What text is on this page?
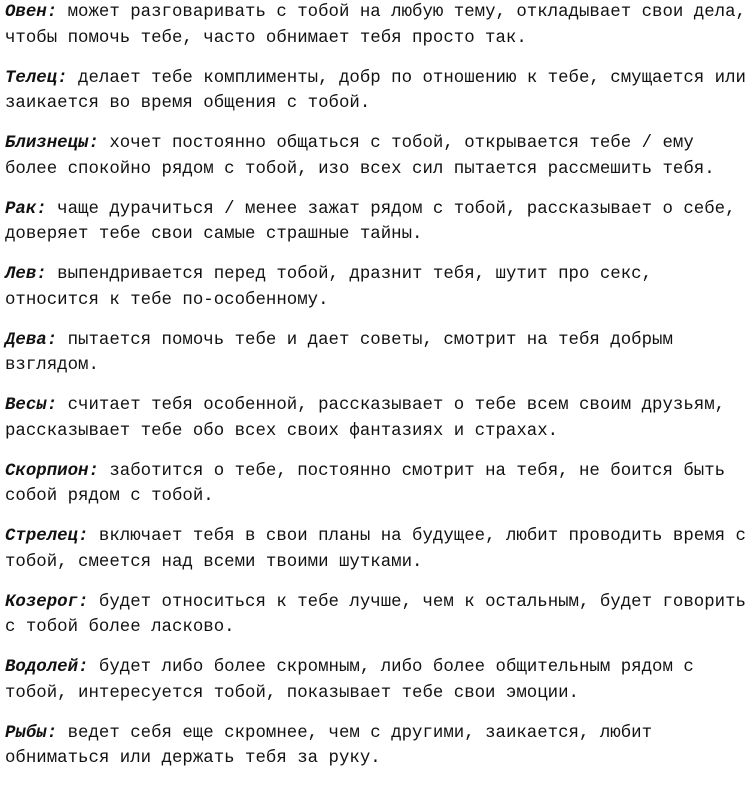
Овен: может разговаривать с тобой на любую тему, откладывает свои дела, чтобы помочь тебе, часто обнимает тебя просто так.

Телец: делает тебе комплименты, добр по отношению к тебе, смущается или заикается во время общения с тобой.

Близнецы: хочет постоянно общаться с тобой, открывается тебе / ему более спокойно рядом с тобой, изо всех сил пытается рассмешить тебя.

Рак: чаще дурачиться / менее зажат рядом с тобой, рассказывает о себе, доверяет тебе свои самые страшные тайны.

Лев: выпендривается перед тобой, дразнит тебя, шутит про секс, относится к тебе по-особенному.

Дева: пытается помочь тебе и дает советы, смотрит на тебя добрым взглядом.

Весы: считает тебя особенной, рассказывает о тебе всем своим друзьям, рассказывает тебе обо всех своих фантазиях и страхах.

Скорпион: заботится о тебе, постоянно смотрит на тебя, не боится быть собой рядом с тобой.

Стрелец: включает тебя в свои планы на будущее, любит проводить время с тобой, смеется над всеми твоими шутками.

Козерог: будет относиться к тебе лучше, чем к остальным, будет говорить с тобой более ласково.

Водолей: будет либо более скромным, либо более общительным рядом с тобой, интересуется тобой, показывает тебе свои эмоции.

Рыбы: ведет себя еще скромнее, чем с другими, заикается, любит обниматься или держать тебя за руку.
